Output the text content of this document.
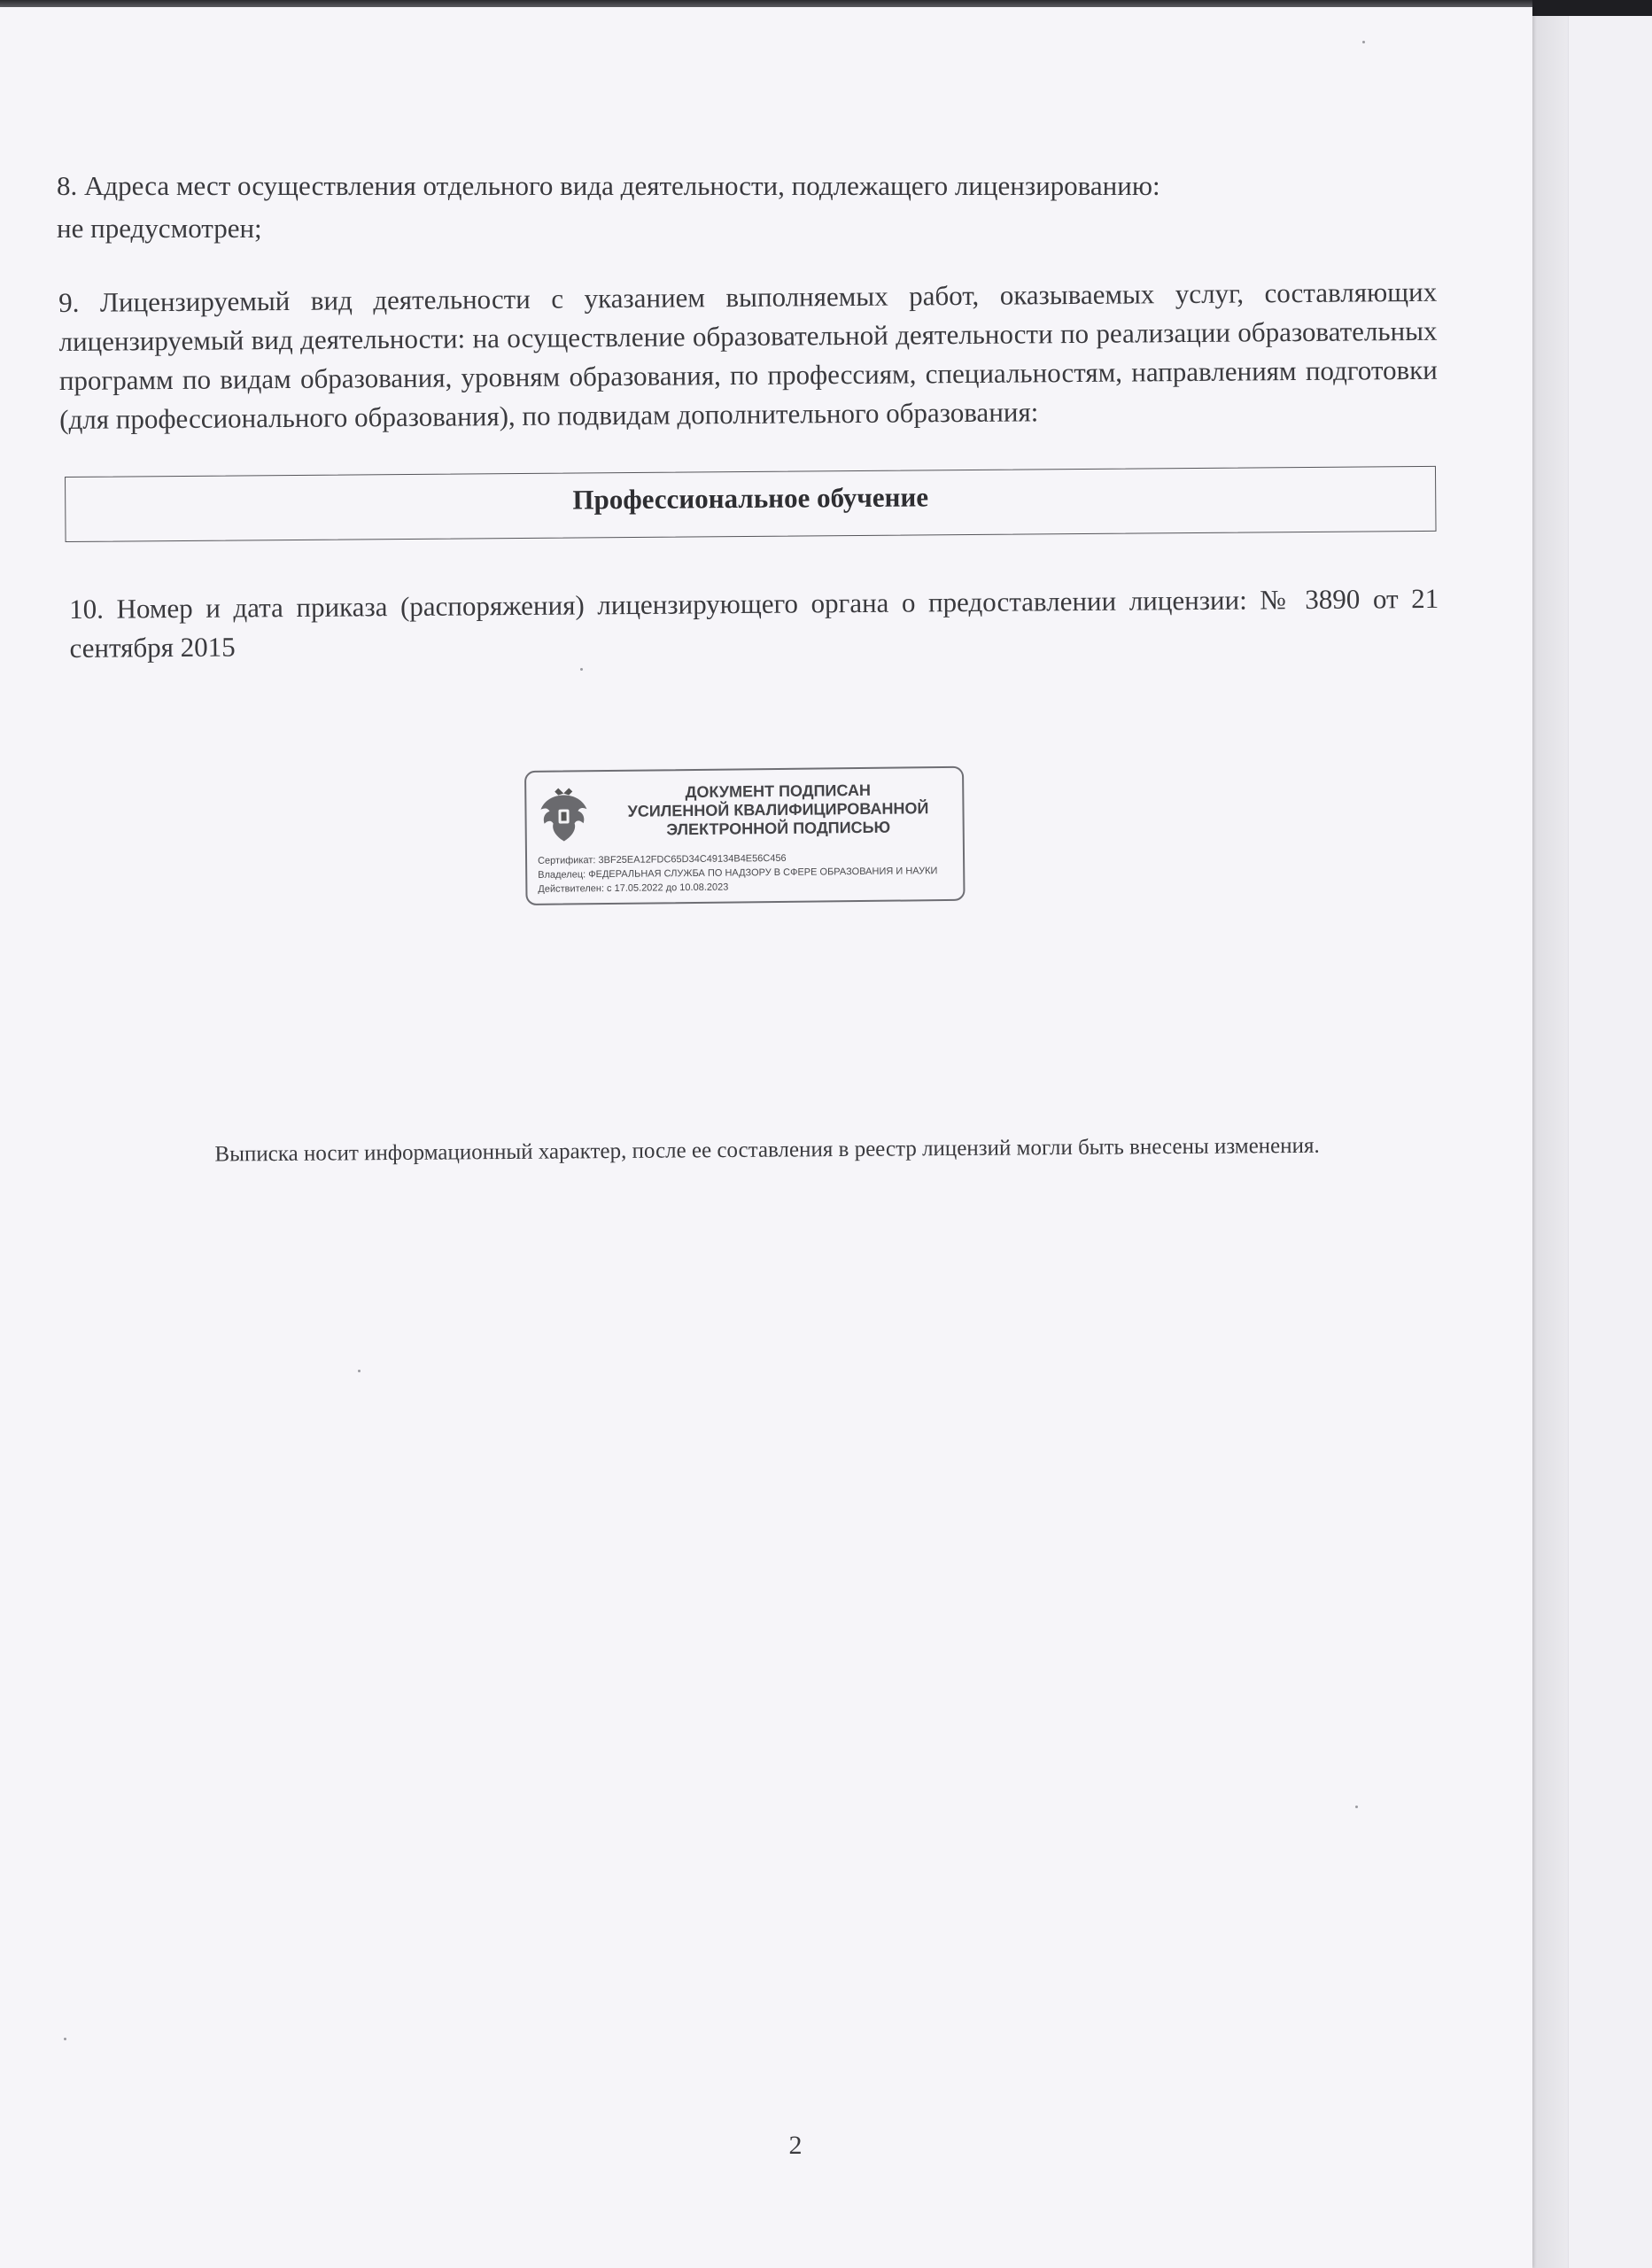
8. Адреса мест осуществления отдельного вида деятельности, подлежащего лицензированию:
не предусмотрен;

9. Лицензируемый вид деятельности с указанием выполняемых работ, оказываемых услуг, составляющих лицензируемый вид деятельности: на осуществление образовательной деятельности по реализации образовательных программ по видам образования, уровням образования, по профессиям, специальностям, направлениям подготовки (для профессионального образования), по подвидам дополнительного образования:

Профессиональное обучение

10. Номер и дата приказа (распоряжения) лицензирующего органа о предоставлении лицензии: № 3890 от 21 сентября 2015

ДОКУМЕНТ ПОДПИСАН
УСИЛЕННОЙ КВАЛИФИЦИРОВАННОЙ
ЭЛЕКТРОННОЙ ПОДПИСЬЮ
Сертификат: 3BF25EA12FDC65D34C49134B4E56C456
Владелец: ФЕДЕРАЛЬНАЯ СЛУЖБА ПО НАДЗОРУ В СФЕРЕ ОБРАЗОВАНИЯ И НАУКИ
Действителен: с 17.05.2022 до 10.08.2023

Выписка носит информационный характер, после ее составления в реестр лицензий могли быть внесены изменения.

2
